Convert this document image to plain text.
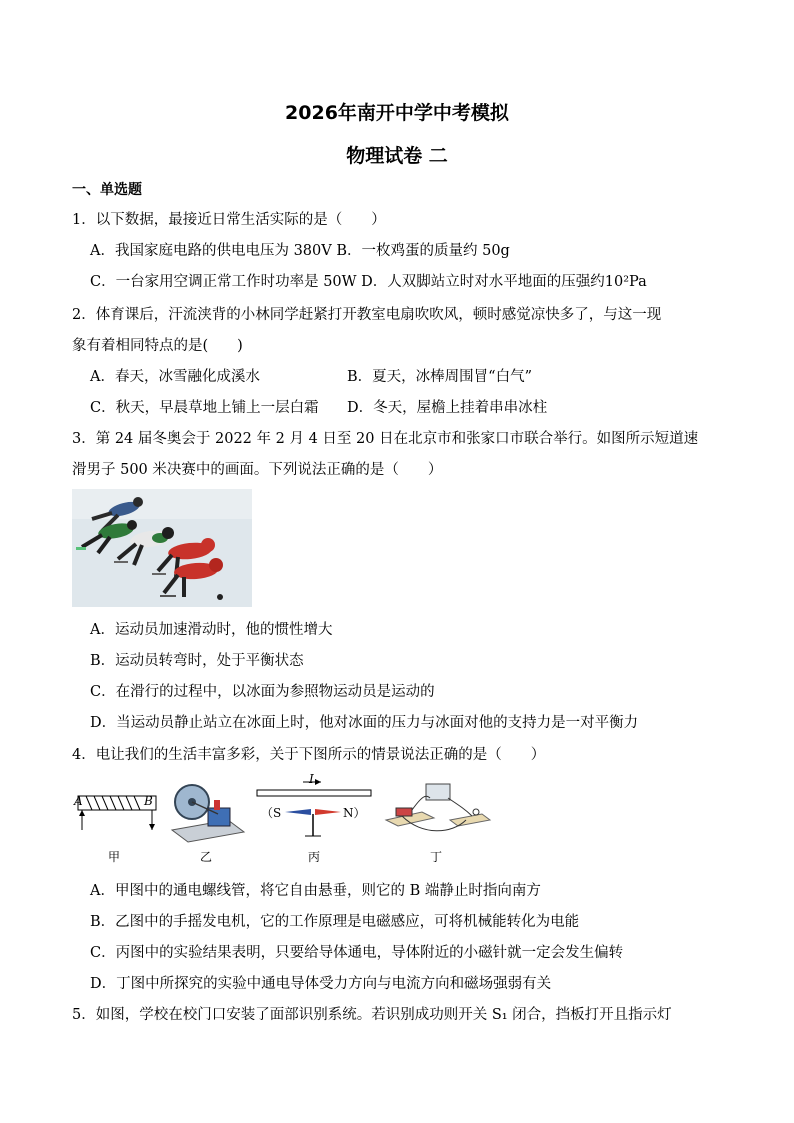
2026年南开中学中考模拟
物理试卷 二
一、单选题
1．以下数据，最接近日常生活实际的是（　　）
A．我国家庭电路的供电电压为 380V B．一枚鸡蛋的质量约 50g
C．一台家用空调正常工作时功率是 50W D．人双脚站立时对水平地面的压强约10²Pa
2．体育课后，汗流浃背的小林同学赶紧打开教室电扇吹吹风，顿时感觉凉快多了，与这一现
象有着相同特点的是(　　)
A．春天，冰雪融化成溪水	B．夏天，冰棒周围冒“白气”
C．秋天，早晨草地上铺上一层白霜 D．冬天，屋檐上挂着串串冰柱
3．第 24 届冬奥会于 2022 年 2 月 4 日至 20 日在北京市和张家口市联合举行。如图所示短道速
滑男子 500 米决赛中的画面。下列说法正确的是（　　）
A．运动员加速滑动时，他的惯性增大
B．运动员转弯时，处于平衡状态
C．在滑行的过程中，以冰面为参照物运动员是运动的
D．当运动员静止站立在冰面上时，他对冰面的压力与冰面对他的支持力是一对平衡力
4．电让我们的生活丰富多彩，关于下图所示的情景说法正确的是（　　）
A	B
甲	乙
I
（S	N）
丙	丁
A．甲图中的通电螺线管，将它自由悬垂，则它的 B 端静止时指向南方
B．乙图中的手摇发电机，它的工作原理是电磁感应，可将机械能转化为电能
C．丙图中的实验结果表明，只要给导体通电，导体附近的小磁针就一定会发生偏转
D．丁图中所探究的实验中通电导体受力方向与电流方向和磁场强弱有关
5．如图，学校在校门口安装了面部识别系统。若识别成功则开关 S₁ 闭合，挡板打开且指示灯
